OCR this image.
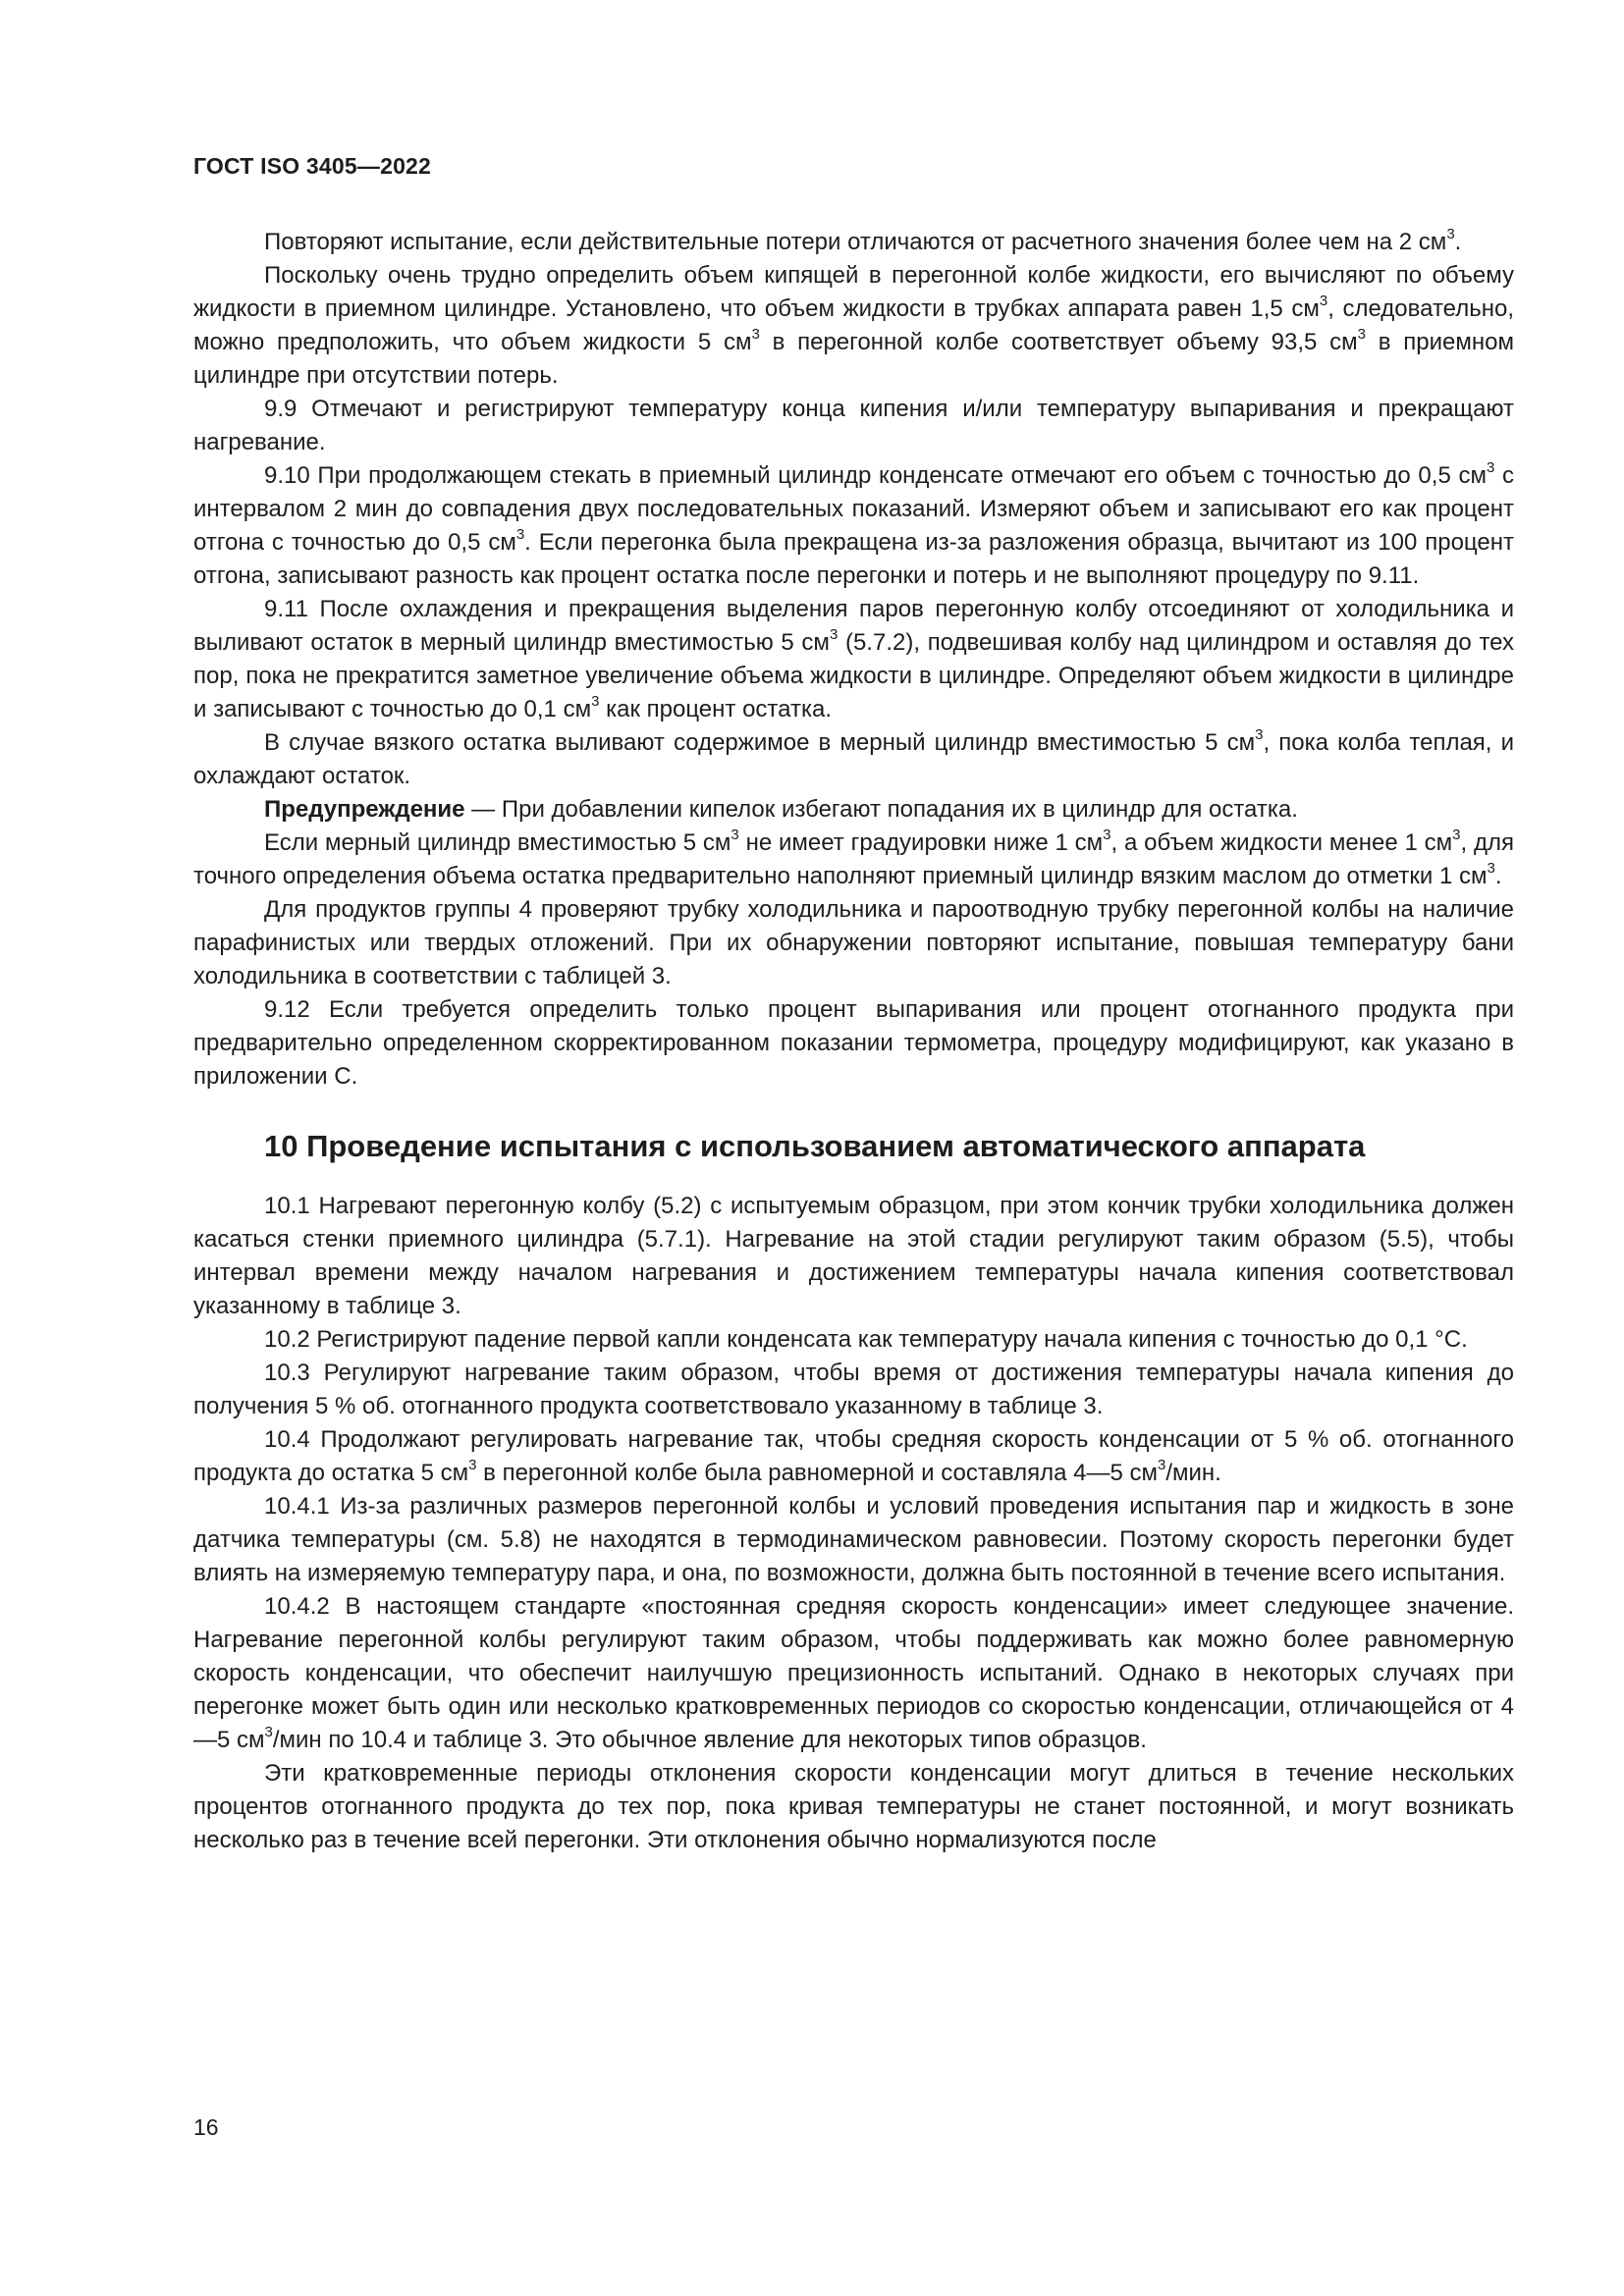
ГОСТ ISO 3405—2022

Повторяют испытание, если действительные потери отличаются от расчетного значения более чем на 2 $см^3$.

Поскольку очень трудно определить объем кипящей в перегонной колбе жидкости, его вычисляют по объему жидкости в приемном цилиндре. Установлено, что объем жидкости в трубках аппарата равен 1,5 $см^3$, следовательно, можно предположить, что объем жидкости 5 $см^3$ в перегонной колбе соответствует объему 93,5 $см^3$ в приемном цилиндре при отсутствии потерь.

9.9 Отмечают и регистрируют температуру конца кипения и/или температуру выпаривания и прекращают нагревание.

9.10 При продолжающем стекать в приемный цилиндр конденсате отмечают его объем с точностью до 0,5 $см^3$ с интервалом 2 мин до совпадения двух последовательных показаний. Измеряют объем и записывают его как процент отгона с точностью до 0,5 $см^3$. Если перегонка была прекращена из-за разложения образца, вычитают из 100 процент отгона, записывают разность как процент остатка после перегонки и потерь и не выполняют процедуру по 9.11.

9.11 После охлаждения и прекращения выделения паров перегонную колбу отсоединяют от холодильника и выливают остаток в мерный цилиндр вместимостью 5 $см^3$ (5.7.2), подвешивая колбу над цилиндром и оставляя до тех пор, пока не прекратится заметное увеличение объема жидкости в цилиндре. Определяют объем жидкости в цилиндре и записывают с точностью до 0,1 $см^3$ как процент остатка.

В случае вязкого остатка выливают содержимое в мерный цилиндр вместимостью 5 $см^3$, пока колба теплая, и охлаждают остаток.

Предупреждение — При добавлении кипелок избегают попадания их в цилиндр для остатка.

Если мерный цилиндр вместимостью 5 $см^3$ не имеет градуировки ниже 1 $см^3$, а объем жидкости менее 1 $см^3$, для точного определения объема остатка предварительно наполняют приемный цилиндр вязким маслом до отметки 1 $см^3$.

Для продуктов группы 4 проверяют трубку холодильника и пароотводную трубку перегонной колбы на наличие парафинистых или твердых отложений. При их обнаружении повторяют испытание, повышая температуру бани холодильника в соответствии с таблицей 3.

9.12 Если требуется определить только процент выпаривания или процент отогнанного продукта при предварительно определенном скорректированном показании термометра, процедуру модифицируют, как указано в приложении С.

10 Проведение испытания с использованием автоматического аппарата

10.1 Нагревают перегонную колбу (5.2) с испытуемым образцом, при этом кончик трубки холодильника должен касаться стенки приемного цилиндра (5.7.1). Нагревание на этой стадии регулируют таким образом (5.5), чтобы интервал времени между началом нагревания и достижением температуры начала кипения соответствовал указанному в таблице 3.

10.2 Регистрируют падение первой капли конденсата как температуру начала кипения с точностью до 0,1 °С.

10.3 Регулируют нагревание таким образом, чтобы время от достижения температуры начала кипения до получения 5 % об. отогнанного продукта соответствовало указанному в таблице 3.

10.4 Продолжают регулировать нагревание так, чтобы средняя скорость конденсации от 5 % об. отогнанного продукта до остатка 5 $см^3$ в перегонной колбе была равномерной и составляла 4—5 $см^3$/мин.

10.4.1 Из-за различных размеров перегонной колбы и условий проведения испытания пар и жидкость в зоне датчика температуры (см. 5.8) не находятся в термодинамическом равновесии. Поэтому скорость перегонки будет влиять на измеряемую температуру пара, и она, по возможности, должна быть постоянной в течение всего испытания.

10.4.2 В настоящем стандарте «постоянная средняя скорость конденсации» имеет следующее значение. Нагревание перегонной колбы регулируют таким образом, чтобы поддерживать как можно более равномерную скорость конденсации, что обеспечит наилучшую прецизионность испытаний. Однако в некоторых случаях при перегонке может быть один или несколько кратковременных периодов со скоростью конденсации, отличающейся от 4—5 $см^3$/мин по 10.4 и таблице 3. Это обычное явление для некоторых типов образцов.

Эти кратковременные периоды отклонения скорости конденсации могут длиться в течение нескольких процентов отогнанного продукта до тех пор, пока кривая температуры не станет постоянной, и могут возникать несколько раз в течение всей перегонки. Эти отклонения обычно нормализуются после

16
